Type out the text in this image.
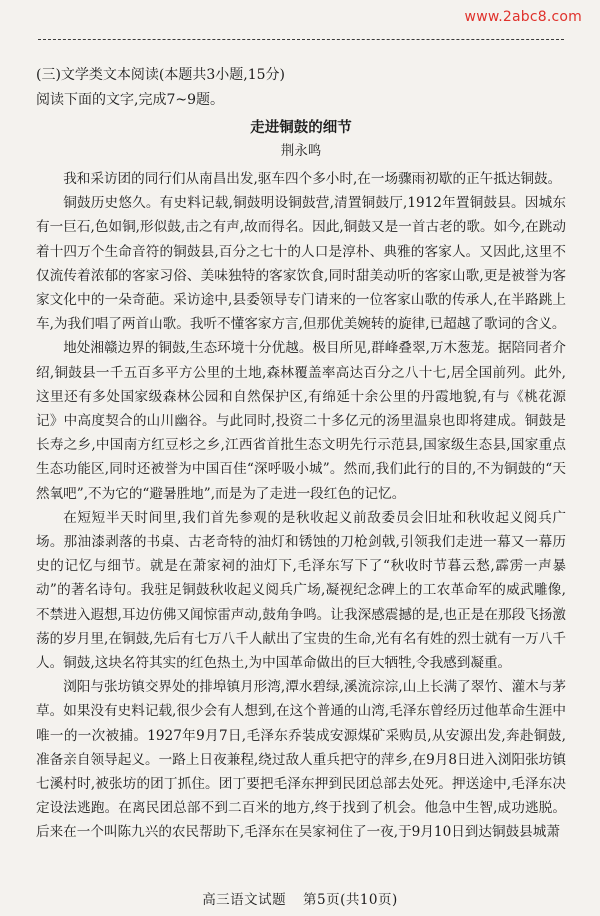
www.2abc8.com

(三)文学类文本阅读(本题共3小题,15分)

阅读下面的文字,完成7~9题。

走进铜鼓的细节
荆永鸣

我和采访团的同行们从南昌出发,驱车四个多小时,在一场骤雨初歇的正午抵达铜鼓。

铜鼓历史悠久。有史料记载,铜鼓明设铜鼓营,清置铜鼓厅,1912年置铜鼓县。因城东有一巨石,色如铜,形似鼓,击之有声,故而得名。因此,铜鼓又是一首古老的歌。如今,在跳动着十四万个生命音符的铜鼓县,百分之七十的人口是淳朴、典雅的客家人。又因此,这里不仅流传着浓郁的客家习俗、美味独特的客家饮食,同时甜美动听的客家山歌,更是被誉为客家文化中的一朵奇葩。采访途中,县委领导专门请来的一位客家山歌的传承人,在半路跳上车,为我们唱了两首山歌。我听不懂客家方言,但那优美婉转的旋律,已超越了歌词的含义。

地处湘赣边界的铜鼓,生态环境十分优越。极目所见,群峰叠翠,万木葱茏。据陪同者介绍,铜鼓县一千五百多平方公里的土地,森林覆盖率高达百分之八十七,居全国前列。此外,这里还有多处国家级森林公园和自然保护区,有绵延十余公里的丹霞地貌,有与《桃花源记》中高度契合的山川幽谷。与此同时,投资二十多亿元的汤里温泉也即将建成。铜鼓是长寿之乡,中国南方红豆杉之乡,江西省首批生态文明先行示范县,国家级生态县,国家重点生态功能区,同时还被誉为中国百佳“深呼吸小城”。然而,我们此行的目的,不为铜鼓的“天然氧吧”,不为它的“避暑胜地”,而是为了走进一段红色的记忆。

在短短半天时间里,我们首先参观的是秋收起义前敌委员会旧址和秋收起义阅兵广场。那油漆剥落的书桌、古老奇特的油灯和锈蚀的刀枪剑戟,引领我们走进一幕又一幕历史的记忆与细节。就是在萧家祠的油灯下,毛泽东写下了“秋收时节暮云愁,霹雳一声暴动”的著名诗句。我驻足铜鼓秋收起义阅兵广场,凝视纪念碑上的工农革命军的威武雕像,不禁进入遐想,耳边仿佛又闻惊雷声动,鼓角争鸣。让我深感震撼的是,也正是在那段飞扬激荡的岁月里,在铜鼓,先后有七万八千人献出了宝贵的生命,光有名有姓的烈士就有一万八千人。铜鼓,这块名符其实的红色热土,为中国革命做出的巨大牺牲,令我感到凝重。

浏阳与张坊镇交界处的排埠镇月形湾,潭水碧绿,溪流淙淙,山上长满了翠竹、灌木与茅草。如果没有史料记载,很少会有人想到,在这个普通的山湾,毛泽东曾经历过他革命生涯中唯一的一次被捕。1927年9月7日,毛泽东乔装成安源煤矿采购员,从安源出发,奔赴铜鼓,准备亲自领导起义。一路上日夜兼程,绕过敌人重兵把守的萍乡,在9月8日进入浏阳张坊镇七溪村时,被张坊的团丁抓住。团丁要把毛泽东押到民团总部去处死。押送途中,毛泽东决定设法逃跑。在离民团总部不到二百米的地方,终于找到了机会。他急中生智,成功逃脱。后来在一个叫陈九兴的农民帮助下,毛泽东在吴家祠住了一夜,于9月10日到达铜鼓县城萧

高三语文试题 第5页(共10页)
